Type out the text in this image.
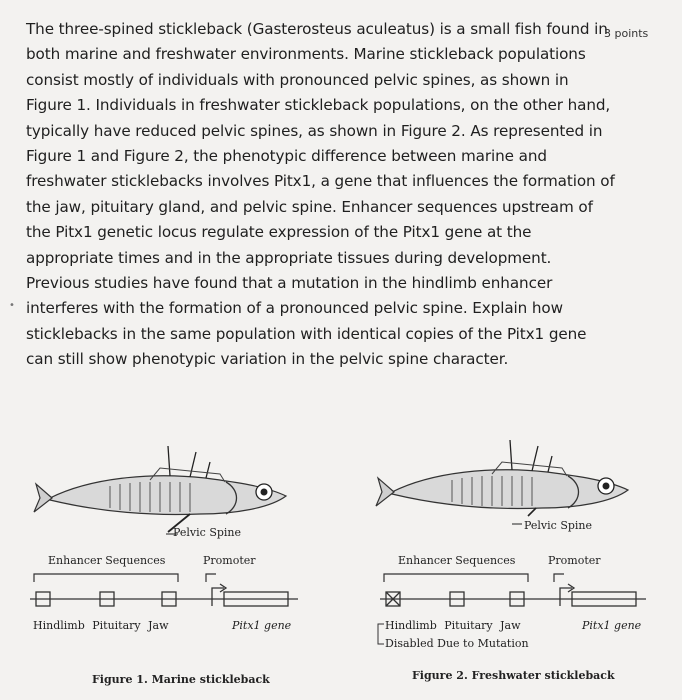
The three-spined stickleback (Gasterosteus aculeatus) is a small fish found in both marine and freshwater environments. Marine stickleback populations consist mostly of individuals with pronounced pelvic spines, as shown in Figure 1. Individuals in freshwater stickleback populations, on the other hand, typically have reduced pelvic spines, as shown in Figure 2. As represented in Figure 1 and Figure 2, the phenotypic difference between marine and freshwater sticklebacks involves Pitx1, a gene that influences the formation of the jaw, pituitary gland, and pelvic spine. Enhancer sequences upstream of the Pitx1 genetic locus regulate expression of the Pitx1 gene at the appropriate times and in the appropriate tissues during development. Previous studies have found that a mutation in the hindlimb enhancer interferes with the formation of a pronounced pelvic spine. Explain how sticklebacks in the same population with identical copies of the Pitx1 gene can still show phenotypic variation in the pelvic spine character.
3 points
•
Pelvic Spine
Enhancer Sequences	Promoter
Hindlimb Pituitary Jaw	Pitx1 gene
Figure 1. Marine stickleback
Pelvic Spine
Enhancer Sequences	Promoter
Hindlimb Pituitary Jaw	Pitx1 gene
Disabled Due to Mutation
Figure 2. Freshwater stickleback
